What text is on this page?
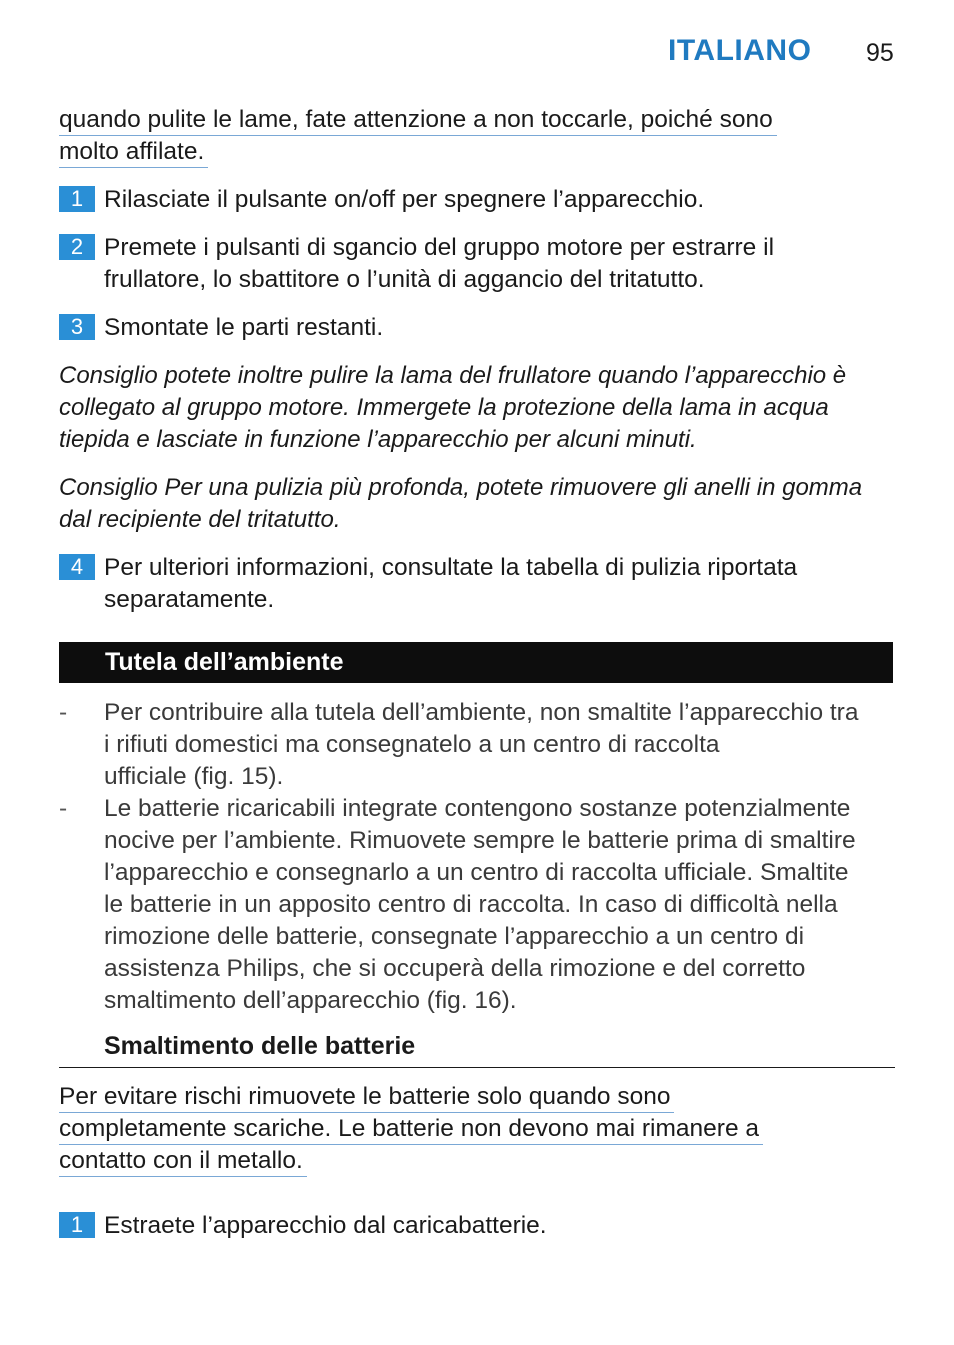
ITALIANO 95
quando pulite le lame, fate attenzione a non toccarle, poiché sono
molto affilate.
1 Rilasciate il pulsante on/off per spegnere l’apparecchio.
2 Premete i pulsanti di sgancio del gruppo motore per estrarre il
frullatore, lo sbattitore o l’unità di aggancio del tritatutto.
3 Smontate le parti restanti.
Consiglio potete inoltre pulire la lama del frullatore quando l’apparecchio è
collegato al gruppo motore. Immergete la protezione della lama in acqua
tiepida e lasciate in funzione l’apparecchio per alcuni minuti.
Consiglio Per una pulizia più profonda, potete rimuovere gli anelli in gomma
dal recipiente del tritatutto.
4 Per ulteriori informazioni, consultate la tabella di pulizia riportata
separatamente.
Tutela dell’ambiente
- Per contribuire alla tutela dell’ambiente, non smaltite l’apparecchio tra
i rifiuti domestici ma consegnatelo a un centro di raccolta
ufficiale (fig. 15).
- Le batterie ricaricabili integrate contengono sostanze potenzialmente
nocive per l’ambiente. Rimuovete sempre le batterie prima di smaltire
l’apparecchio e consegnarlo a un centro di raccolta ufficiale. Smaltite
le batterie in un apposito centro di raccolta. In caso di difficoltà nella
rimozione delle batterie, consegnate l’apparecchio a un centro di
assistenza Philips, che si occuperà della rimozione e del corretto
smaltimento dell’apparecchio (fig. 16).
Smaltimento delle batterie
Per evitare rischi rimuovete le batterie solo quando sono
completamente scariche. Le batterie non devono mai rimanere a
contatto con il metallo.
1 Estraete l’apparecchio dal caricabatterie.
